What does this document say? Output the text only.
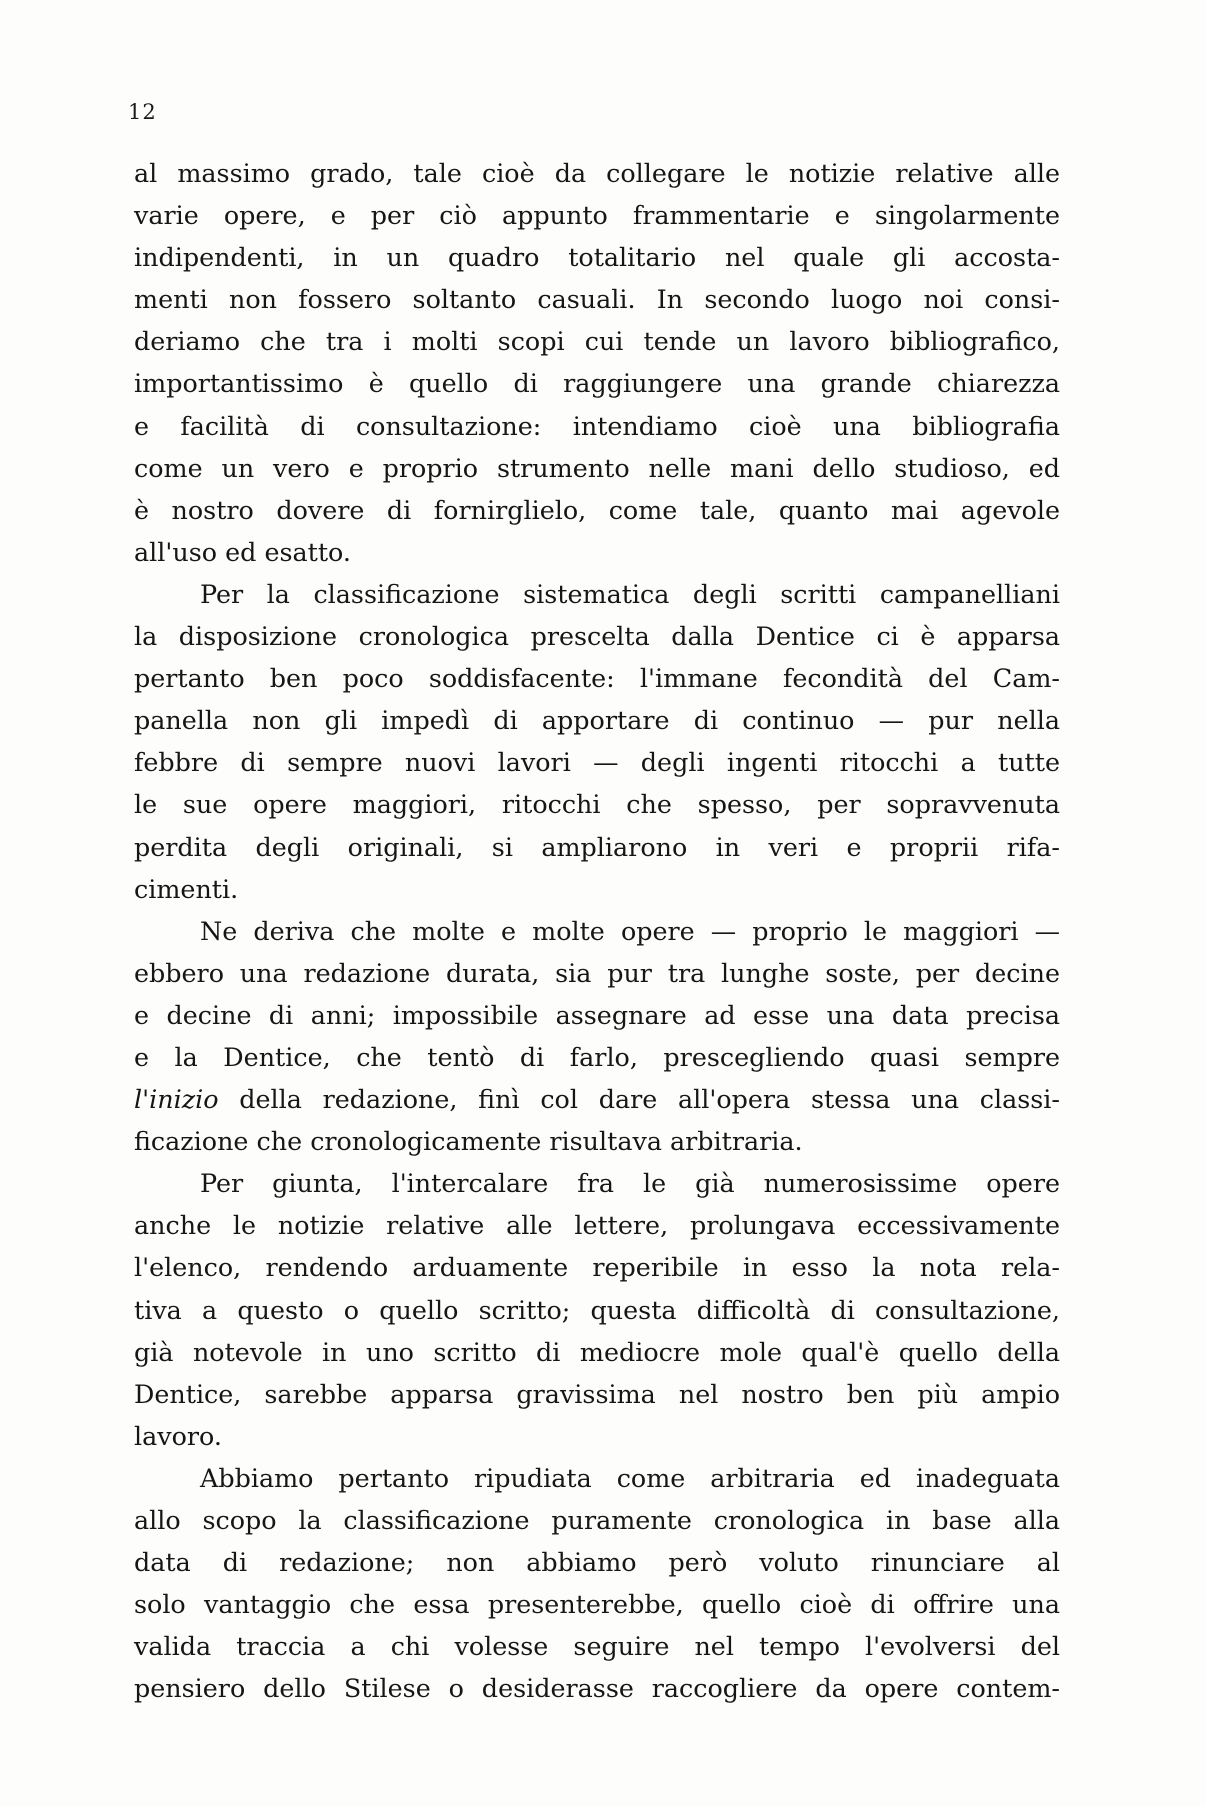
12

al massimo grado, tale cioè da collegare le notizie relative alle
varie opere, e per ciò appunto frammentarie e singolarmente
indipendenti, in un quadro totalitario nel quale gli accosta-
menti non fossero soltanto casuali. In secondo luogo noi consi-
deriamo che tra i molti scopi cui tende un lavoro bibliografico,
importantissimo è quello di raggiungere una grande chiarezza
e facilità di consultazione: intendiamo cioè una bibliografia
come un vero e proprio strumento nelle mani dello studioso, ed
è nostro dovere di fornirglielo, come tale, quanto mai agevole
all'uso ed esatto.

Per la classificazione sistematica degli scritti campanelliani
la disposizione cronologica prescelta dalla Dentice ci è apparsa
pertanto ben poco soddisfacente: l'immane fecondità del Cam-
panella non gli impedì di apportare di continuo — pur nella
febbre di sempre nuovi lavori — degli ingenti ritocchi a tutte
le sue opere maggiori, ritocchi che spesso, per sopravvenuta
perdita degli originali, si ampliarono in veri e proprii rifa-
cimenti.

Ne deriva che molte e molte opere — proprio le maggiori —
ebbero una redazione durata, sia pur tra lunghe soste, per decine
e decine di anni; impossibile assegnare ad esse una data precisa
e la Dentice, che tentò di farlo, prescegliendo quasi sempre
l'inizio della redazione, finì col dare all'opera stessa una classi-
ficazione che cronologicamente risultava arbitraria.

Per giunta, l'intercalare fra le già numerosissime opere
anche le notizie relative alle lettere, prolungava eccessivamente
l'elenco, rendendo arduamente reperibile in esso la nota rela-
tiva a questo o quello scritto; questa difficoltà di consultazione,
già notevole in uno scritto di mediocre mole qual'è quello della
Dentice, sarebbe apparsa gravissima nel nostro ben più ampio
lavoro.

Abbiamo pertanto ripudiata come arbitraria ed inadeguata
allo scopo la classificazione puramente cronologica in base alla
data di redazione; non abbiamo però voluto rinunciare al
solo vantaggio che essa presenterebbe, quello cioè di offrire una
valida traccia a chi volesse seguire nel tempo l'evolversi del
pensiero dello Stilese o desiderasse raccogliere da opere contem-
